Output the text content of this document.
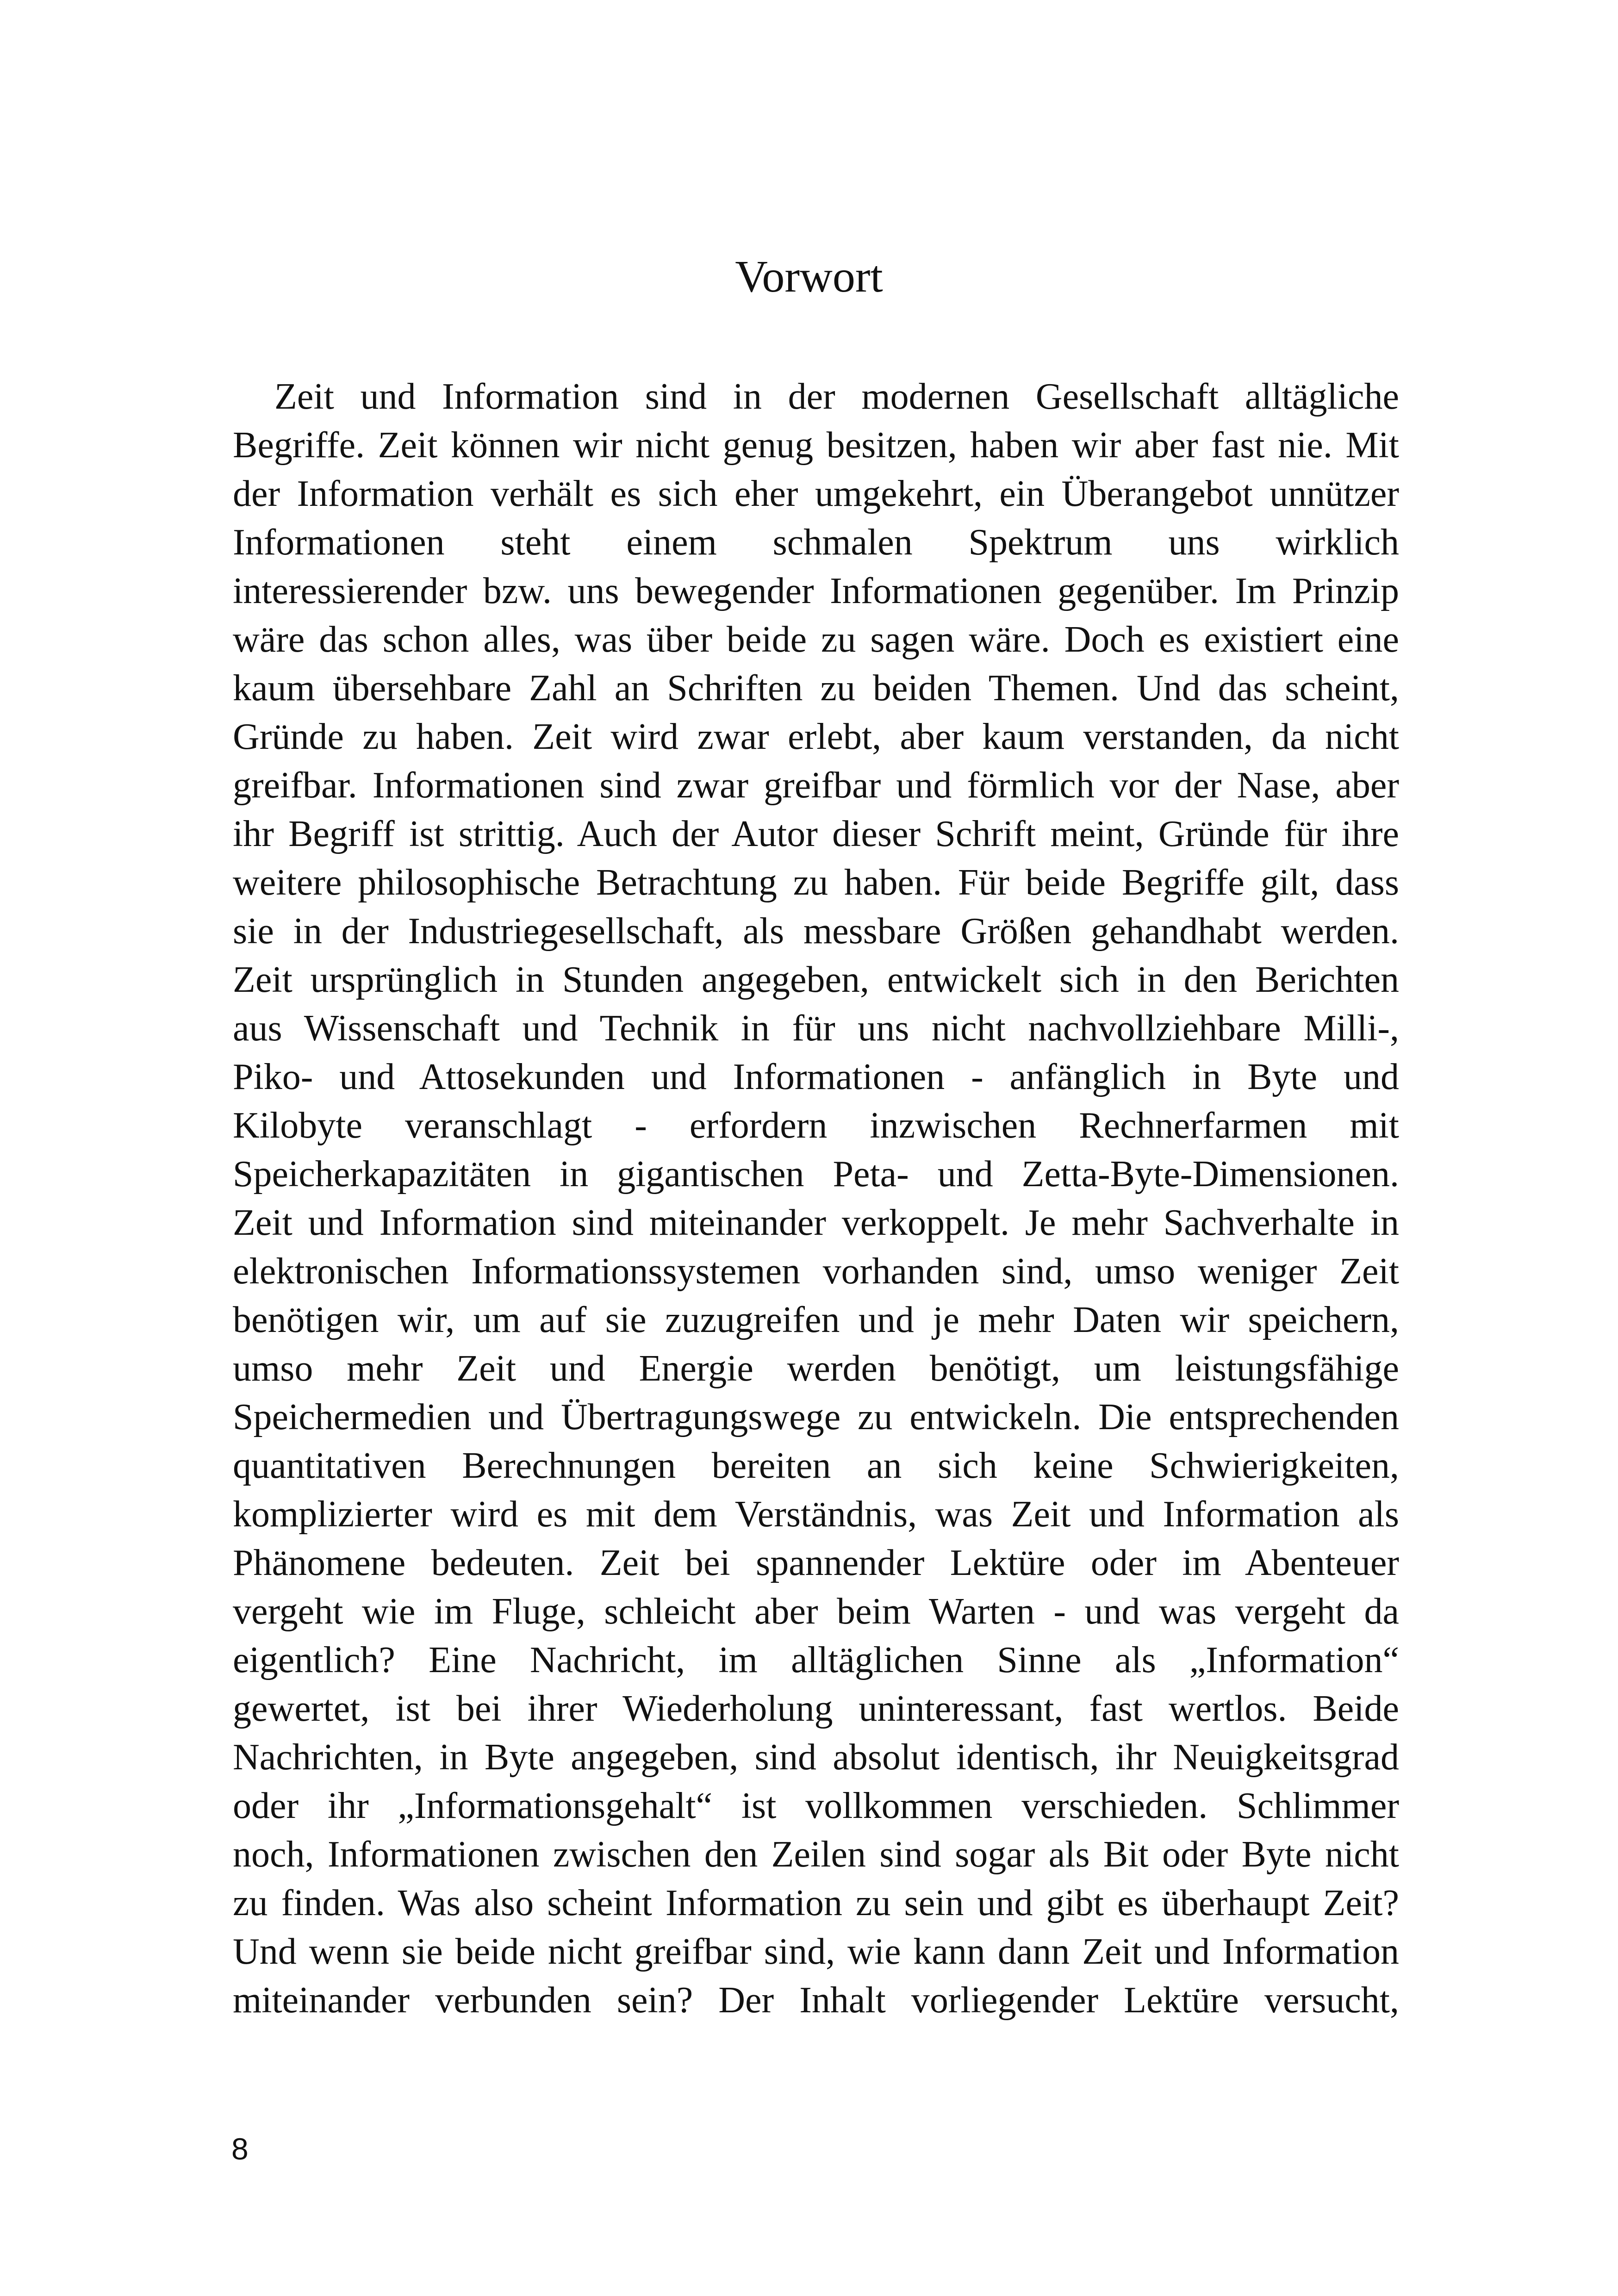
Vorwort
Zeit und Information sind in der modernen Gesellschaft alltägliche
Begriffe. Zeit können wir nicht genug besitzen, haben wir aber fast nie. Mit
der Information verhält es sich eher umgekehrt, ein Überangebot unnützer
Informationen steht einem schmalen Spektrum uns wirklich
interessierender bzw. uns bewegender Informationen gegenüber. Im Prinzip
wäre das schon alles, was über beide zu sagen wäre. Doch es existiert eine
kaum übersehbare Zahl an Schriften zu beiden Themen. Und das scheint,
Gründe zu haben. Zeit wird zwar erlebt, aber kaum verstanden, da nicht
greifbar. Informationen sind zwar greifbar und förmlich vor der Nase, aber
ihr Begriff ist strittig. Auch der Autor dieser Schrift meint, Gründe für ihre
weitere philosophische Betrachtung zu haben. Für beide Begriffe gilt, dass
sie in der Industriegesellschaft, als messbare Größen gehandhabt werden.
Zeit ursprünglich in Stunden angegeben, entwickelt sich in den Berichten
aus Wissenschaft und Technik in für uns nicht nachvollziehbare Milli-,
Piko- und Attosekunden und Informationen - anfänglich in Byte und
Kilobyte veranschlagt - erfordern inzwischen Rechnerfarmen mit
Speicherkapazitäten in gigantischen Peta- und Zetta-Byte-Dimensionen.
Zeit und Information sind miteinander verkoppelt. Je mehr Sachverhalte in
elektronischen Informationssystemen vorhanden sind, umso weniger Zeit
benötigen wir, um auf sie zuzugreifen und je mehr Daten wir speichern,
umso mehr Zeit und Energie werden benötigt, um leistungsfähige
Speichermedien und Übertragungswege zu entwickeln. Die entsprechenden
quantitativen Berechnungen bereiten an sich keine Schwierigkeiten,
komplizierter wird es mit dem Verständnis, was Zeit und Information als
Phänomene bedeuten. Zeit bei spannender Lektüre oder im Abenteuer
vergeht wie im Fluge, schleicht aber beim Warten - und was vergeht da
eigentlich? Eine Nachricht, im alltäglichen Sinne als „Information“
gewertet, ist bei ihrer Wiederholung uninteressant, fast wertlos. Beide
Nachrichten, in Byte angegeben, sind absolut identisch, ihr Neuigkeitsgrad
oder ihr „Informationsgehalt“ ist vollkommen verschieden. Schlimmer
noch, Informationen zwischen den Zeilen sind sogar als Bit oder Byte nicht
zu finden. Was also scheint Information zu sein und gibt es überhaupt Zeit?
Und wenn sie beide nicht greifbar sind, wie kann dann Zeit und Information
miteinander verbunden sein? Der Inhalt vorliegender Lektüre versucht,
8
